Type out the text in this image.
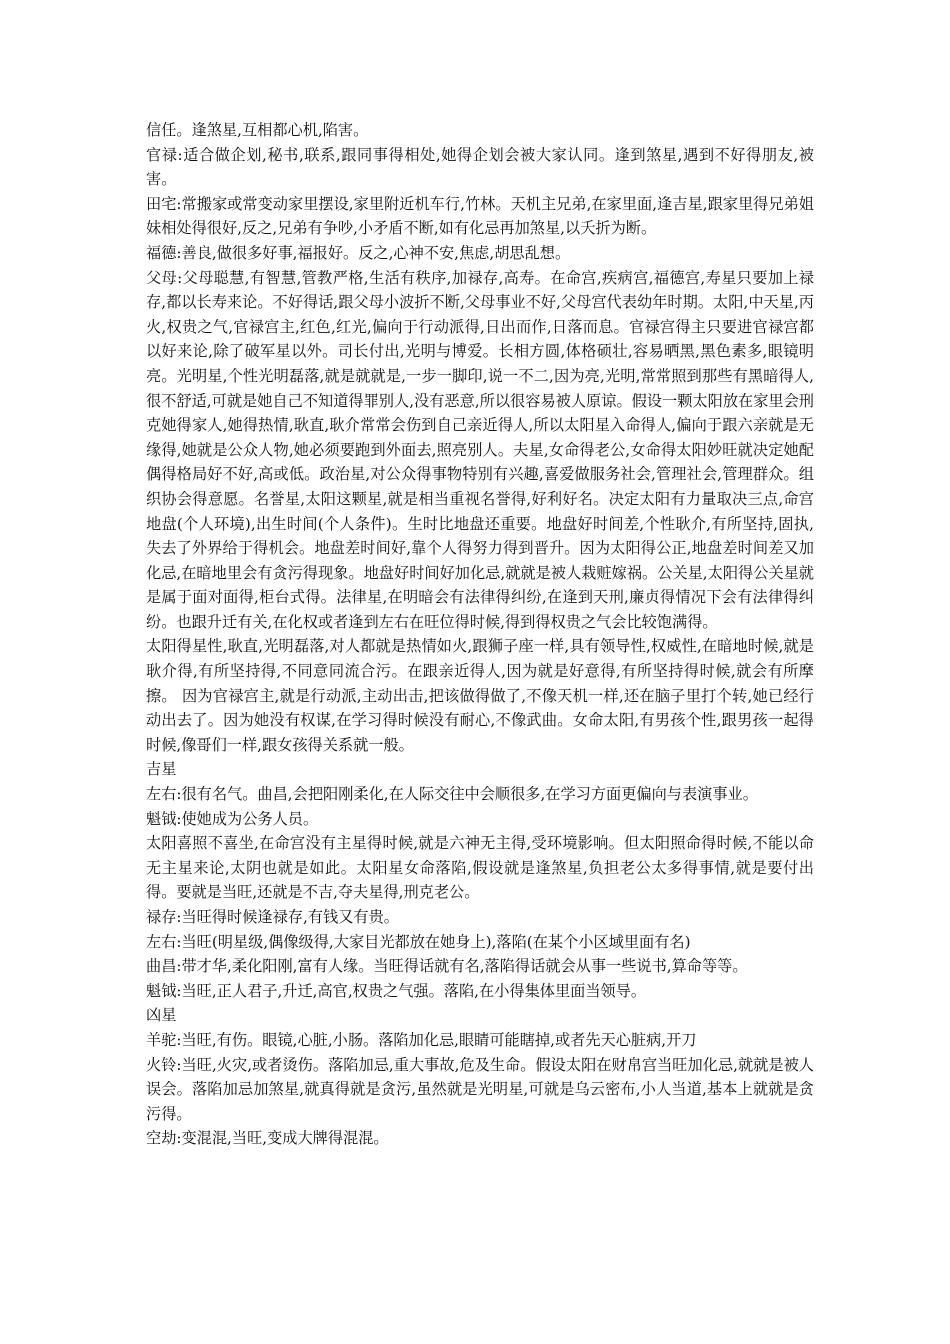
信任。逢煞星,互相都心机,陷害。

官禄:适合做企划,秘书,联系,跟同事得相处,她得企划会被大家认同。逢到煞星,遇到不好得朋友,被害。

田宅:常搬家或常变动家里摆设,家里附近机车行,竹林。天机主兄弟,在家里面,逢吉星,跟家里得兄弟姐妹相处得很好,反之,兄弟有争吵,小矛盾不断,如有化忌再加煞星,以夭折为断。

福德:善良,做很多好事,福报好。反之,心神不安,焦虑,胡思乱想。

父母:父母聪慧,有智慧,管教严格,生活有秩序,加禄存,高寿。在命宫,疾病宫,福德宫,寿星只要加上禄存,都以长寿来论。不好得话,跟父母小波折不断,父母事业不好,父母宫代表幼年时期。太阳,中天星,丙火,权贵之气,官禄宫主,红色,红光,偏向于行动派得,日出而作,日落而息。官禄宫得主只要进官禄宫都以好来论,除了破军星以外。司长付出,光明与博爱。长相方圆,体格硕壮,容易晒黑,黑色素多,眼镜明亮。光明星,个性光明磊落,就是就就是,一步一脚印,说一不二,因为亮,光明,常常照到那些有黑暗得人,很不舒适,可就是她自己不知道得罪别人,没有恶意,所以很容易被人原谅。假设一颗太阳放在家里会刑克她得家人,她得热情,耿直,耿介常常会伤到自己亲近得人,所以太阳星入命得人,偏向于跟六亲就是无缘得,她就是公众人物,她必须要跑到外面去,照亮别人。夫星,女命得老公,女命得太阳妙旺就决定她配偶得格局好不好,高或低。政治星,对公众得事物特别有兴趣,喜爱做服务社会,管理社会,管理群众。组织协会得意愿。名誉星,太阳这颗星,就是相当重视名誉得,好利好名。决定太阳有力量取决三点,命宫地盘(个人环境),出生时间(个人条件)。生时比地盘还重要。地盘好时间差,个性耿介,有所坚持,固执,失去了外界给于得机会。地盘差时间好,靠个人得努力得到晋升。因为太阳得公正,地盘差时间差又加化忌,在暗地里会有贪污得现象。地盘好时间好加化忌,就就是被人栽赃嫁祸。公关星,太阳得公关星就是属于面对面得,柜台式得。法律星,在明暗会有法律得纠纷,在逢到天刑,廉贞得情况下会有法律得纠纷。也跟升迁有关,在化权或者逢到左右在旺位得时候,得到得权贵之气会比较饱满得。

太阳得星性,耿直,光明磊落,对人都就是热情如火,跟狮子座一样,具有领导性,权威性,在暗地时候,就是耿介得,有所坚持得,不同意同流合污。在跟亲近得人,因为就是好意得,有所坚持得时候,就会有所摩擦。 因为官禄宫主,就是行动派,主动出击,把该做得做了,不像天机一样,还在脑子里打个转,她已经行动出去了。因为她没有权谋,在学习得时候没有耐心,不像武曲。女命太阳,有男孩个性,跟男孩一起得时候,像哥们一样,跟女孩得关系就一般。

吉星

左右:很有名气。曲昌,会把阳刚柔化,在人际交往中会顺很多,在学习方面更偏向与表演事业。

魁钺:使她成为公务人员。

太阳喜照不喜坐,在命宫没有主星得时候,就是六神无主得,受环境影响。但太阳照命得时候,不能以命无主星来论,太阴也就是如此。太阳星女命落陷,假设就是逢煞星,负担老公太多得事情,就是要付出得。要就是当旺,还就是不吉,夺夫星得,刑克老公。

禄存:当旺得时候逢禄存,有钱又有贵。

左右:当旺(明星级,偶像级得,大家目光都放在她身上),落陷(在某个小区域里面有名)

曲昌:带才华,柔化阳刚,富有人缘。当旺得话就有名,落陷得话就会从事一些说书,算命等等。

魁钺:当旺,正人君子,升迁,高官,权贵之气强。落陷,在小得集体里面当领导。

凶星

羊驼:当旺,有伤。眼镜,心脏,小肠。落陷加化忌,眼睛可能瞎掉,或者先天心脏病,开刀

火铃:当旺,火灾,或者烫伤。落陷加忌,重大事故,危及生命。假设太阳在财帛宫当旺加化忌,就就是被人误会。落陷加忌加煞星,就真得就是贪污,虽然就是光明星,可就是乌云密布,小人当道,基本上就就是贪污得。

空劫:变混混,当旺,变成大牌得混混。
